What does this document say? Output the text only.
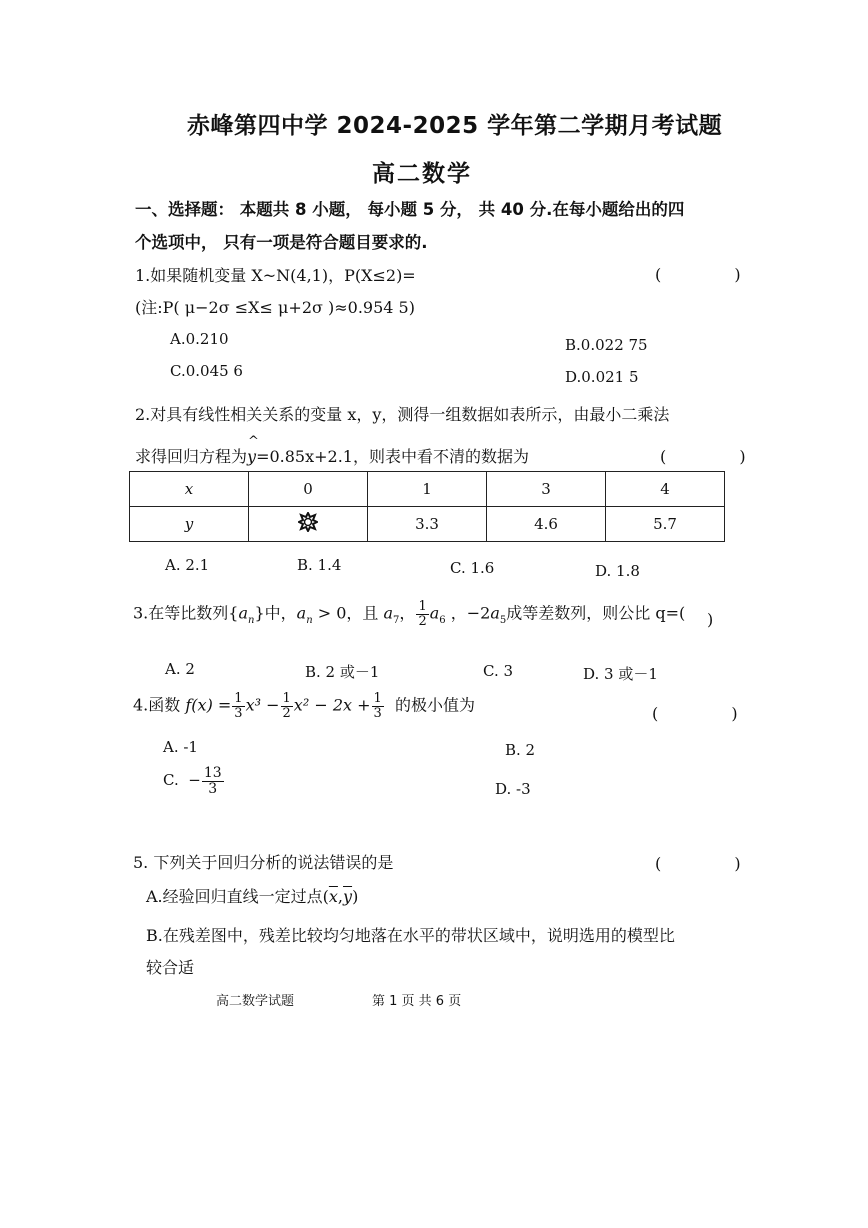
赤峰第四中学 2024-2025 学年第二学期月考试题
高二数学
一、选择题： 本题共 8 小题， 每小题 5 分， 共 40 分.在每小题给出的四
个选项中， 只有一项是符合题目要求的.
1.如果随机变量 X~N(4,1)，P(X≤2)=	( )
(注:P( μ−2σ ≤X≤ μ+2σ )≈0.954 5)
A.0.210	B.0.022 75
C.0.045 6	D.0.021 5
2.对具有线性相关关系的变量 x，y，测得一组数据如表所示，由最小二乘法
求得回归方程为
^
y=0.85x+2.1，则表中看不清的数据为	( )
x	0	1	3	4
y		3.3	4.6	5.7
A. 2.1	B. 1.4	C. 1.6	D. 1.8
3.在等比数列$\{a_n\}$中，$a_n > 0$，且 $a_7$， $\frac{1}{2} a_6$ ，$-2a_5$成等差数列，则公比 q=( )
A. 2	B. 2 或－1	C. 3	D. 3 或－1
4.函数 $f(x) = \frac{1}{3} x^3 - \frac{1}{2} x^2 - 2x + \frac{1}{3}$ 的极小值为	( )
A. -1	B. 2
C. − $\frac{13}{3}$	D. -3
5. 下列关于回归分析的说法错误的是	( )
A.经验回归直线一定过点$(\overline{x},\overline{y})$
B.在残差图中，残差比较均匀地落在水平的带状区域中，说明选用的模型比
较合适
高二数学试题	第 1 页 共 6 页
